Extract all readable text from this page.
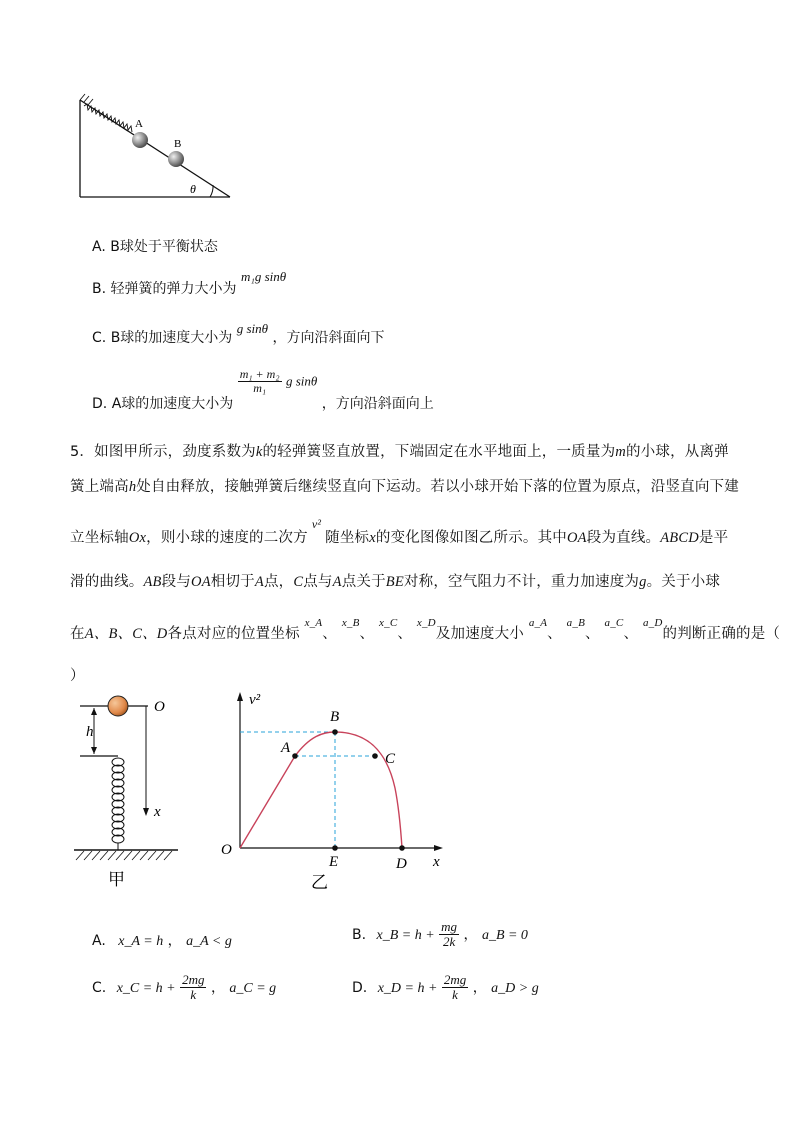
A
B
θ
A. B球处于平衡状态
B. 轻弹簧的弹力大小为 m₁g sinθ
C. B球的加速度大小为 g sinθ ，方向沿斜面向下
D. A球的加速度大小为
$\frac{\text{m₁ + m₂}}{\text{m₁}}$ g sinθ ，方向沿斜面向上
5．如图甲所示，劲度系数为k的轻弹簧竖直放置，下端固定在水平地面上，一质量为m的小球，从离弹
簧上端高h处自由释放，接触弹簧后继续竖直向下运动。若以小球开始下落的位置为原点，沿竖直向下建
立坐标轴Ox，则小球的速度的二次方$^{v^2}$随坐标x的变化图像如图乙所示。其中OA段为直线。ABCD是平
滑的曲线。AB段与OA相切于A点，C点与A点关于BE对称，空气阻力不计，重力加速度为g。关于小球
在A、B、C、D各点对应的位置坐标 $^{x\_A}$、 $^{x\_B}$、 $^{x\_C}$、 $^{x\_D}$及加速度大小 $^{a\_A}$、 $^{a\_B}$、 $^{a\_C}$、 $^{a\_D}$的判断正确的是（
）
O
h
x
甲
v²
O
x
A
B
C
D
E
乙
A. x_A = h ， a_A < g	B. x_B = $h + \frac{mg}{2k}$ ， a_B = 0
C. x_C = $h + \frac{2mg}{k}$ ， a_C = g	D. x_D = $h + \frac{2mg}{k}$ ， a_D > g
